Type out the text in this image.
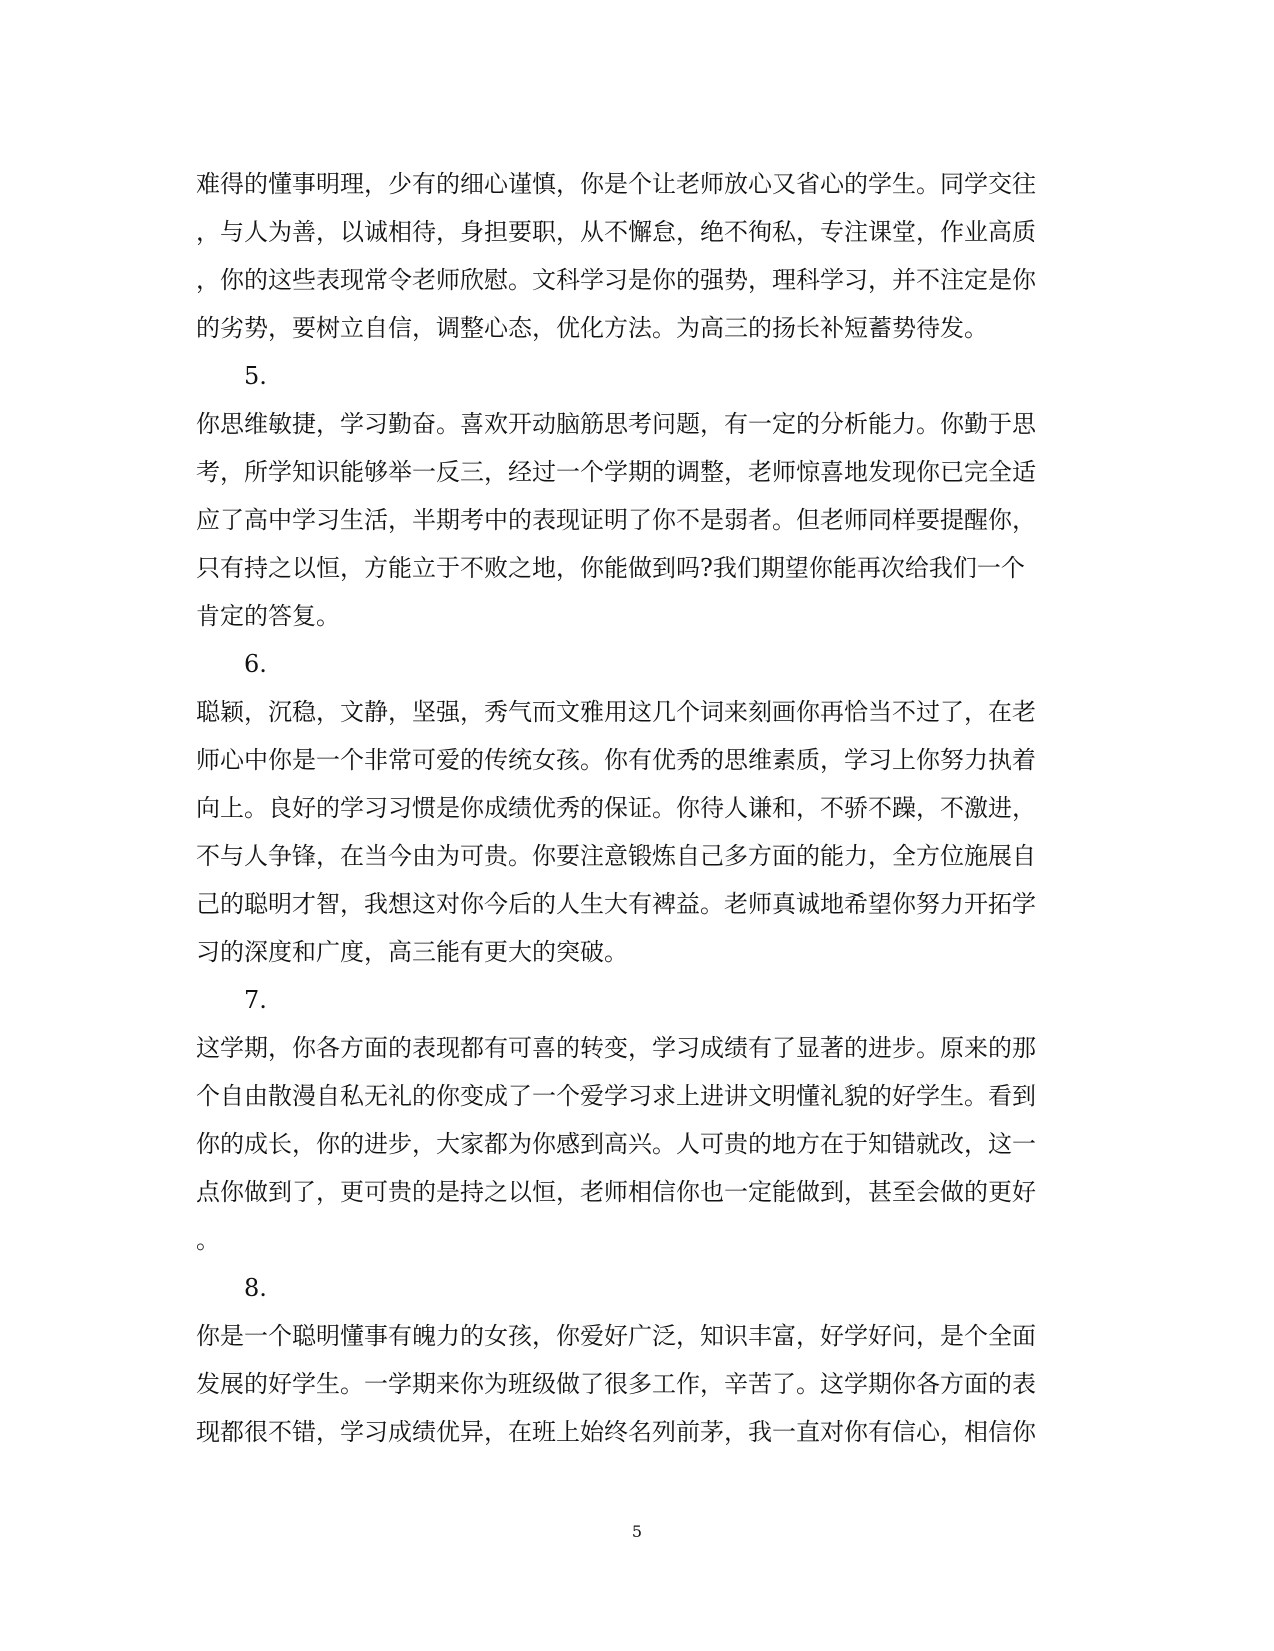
难得的懂事明理，少有的细心谨慎，你是个让老师放心又省心的学生。同学交往
，与人为善，以诚相待，身担要职，从不懈怠，绝不徇私，专注课堂，作业高质
，你的这些表现常令老师欣慰。文科学习是你的强势，理科学习，并不注定是你
的劣势，要树立自信，调整心态，优化方法。为高三的扬长补短蓄势待发。
5.
你思维敏捷，学习勤奋。喜欢开动脑筋思考问题，有一定的分析能力。你勤于思
考，所学知识能够举一反三，经过一个学期的调整，老师惊喜地发现你已完全适
应了高中学习生活，半期考中的表现证明了你不是弱者。但老师同样要提醒你，
只有持之以恒，方能立于不败之地，你能做到吗?我们期望你能再次给我们一个
肯定的答复。
6.
聪颖，沉稳，文静，坚强，秀气而文雅用这几个词来刻画你再恰当不过了，在老
师心中你是一个非常可爱的传统女孩。你有优秀的思维素质，学习上你努力执着
向上。良好的学习习惯是你成绩优秀的保证。你待人谦和，不骄不躁，不激进，
不与人争锋，在当今由为可贵。你要注意锻炼自己多方面的能力，全方位施展自
己的聪明才智，我想这对你今后的人生大有裨益。老师真诚地希望你努力开拓学
习的深度和广度，高三能有更大的突破。
7.
这学期，你各方面的表现都有可喜的转变，学习成绩有了显著的进步。原来的那
个自由散漫自私无礼的你变成了一个爱学习求上进讲文明懂礼貌的好学生。看到
你的成长，你的进步，大家都为你感到高兴。人可贵的地方在于知错就改，这一
点你做到了，更可贵的是持之以恒，老师相信你也一定能做到，甚至会做的更好
。
8.
你是一个聪明懂事有魄力的女孩，你爱好广泛，知识丰富，好学好问，是个全面
发展的好学生。一学期来你为班级做了很多工作，辛苦了。这学期你各方面的表
现都很不错，学习成绩优异，在班上始终名列前茅，我一直对你有信心，相信你
5
